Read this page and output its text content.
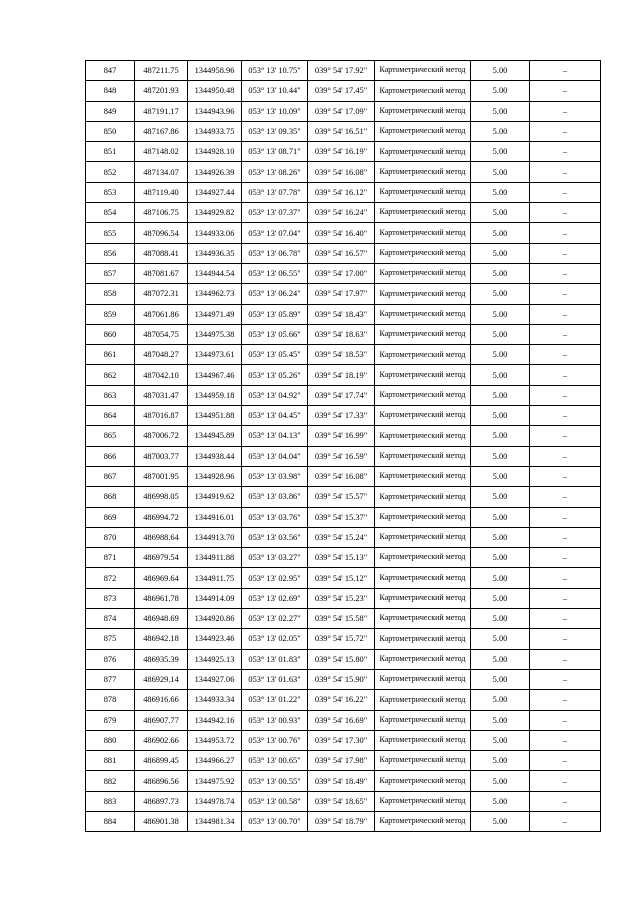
847	487211.75	1344958.96	053° 13' 10.75"	039° 54' 17.92"	Картометрический метод	5.00	–
848	487201.93	1344950.48	053° 13' 10.44"	039° 54' 17.45"	Картометрический метод	5.00	–
849	487191.17	1344943.96	053° 13' 10.09"	039° 54' 17.09"	Картометрический метод	5.00	–
850	487167.86	1344933.75	053° 13' 09.35"	039° 54' 16.51"	Картометрический метод	5.00	–
851	487148.02	1344928.10	053° 13' 08.71"	039° 54' 16.19"	Картометрический метод	5.00	–
852	487134.07	1344926.39	053° 13' 08.26"	039° 54' 16.08"	Картометрический метод	5.00	–
853	487119.40	1344927.44	053° 13' 07.78"	039° 54' 16.12"	Картометрический метод	5.00	–
854	487106.75	1344929.82	053° 13' 07.37"	039° 54' 16.24"	Картометрический метод	5.00	–
855	487096.54	1344933.06	053° 13' 07.04"	039° 54' 16.40"	Картометрический метод	5.00	–
856	487088.41	1344936.35	053° 13' 06.78"	039° 54' 16.57"	Картометрический метод	5.00	–
857	487081.67	1344944.54	053° 13' 06.55"	039° 54' 17.00"	Картометрический метод	5.00	–
858	487072.31	1344962.73	053° 13' 06.24"	039° 54' 17.97"	Картометрический метод	5.00	–
859	487061.86	1344971.49	053° 13' 05.89"	039° 54' 18.43"	Картометрический метод	5.00	–
860	487054.75	1344975.38	053° 13' 05.66"	039° 54' 18.63"	Картометрический метод	5.00	–
861	487048.27	1344973.61	053° 13' 05.45"	039° 54' 18.53"	Картометрический метод	5.00	–
862	487042.10	1344967.46	053° 13' 05.26"	039° 54' 18.19"	Картометрический метод	5.00	–
863	487031.47	1344959.18	053° 13' 04.92"	039° 54' 17.74"	Картометрический метод	5.00	–
864	487016.87	1344951.88	053° 13' 04.45"	039° 54' 17.33"	Картометрический метод	5.00	–
865	487006.72	1344945.89	053° 13' 04.13"	039° 54' 16.99"	Картометрический метод	5.00	–
866	487003.77	1344938.44	053° 13' 04.04"	039° 54' 16.59"	Картометрический метод	5.00	–
867	487001.95	1344928.96	053° 13' 03.98"	039° 54' 16.08"	Картометрический метод	5.00	–
868	486998.05	1344919.62	053° 13' 03.86"	039° 54' 15.57"	Картометрический метод	5.00	–
869	486994.72	1344916.01	053° 13' 03.76"	039° 54' 15.37"	Картометрический метод	5.00	–
870	486988.64	1344913.70	053° 13' 03.56"	039° 54' 15.24"	Картометрический метод	5.00	–
871	486979.54	1344911.88	053° 13' 03.27"	039° 54' 15.13"	Картометрический метод	5.00	–
872	486969.64	1344911.75	053° 13' 02.95"	039° 54' 15.12"	Картометрический метод	5.00	–
873	486961.78	1344914.09	053° 13' 02.69"	039° 54' 15.23"	Картометрический метод	5.00	–
874	486948.69	1344920.86	053° 13' 02.27"	039° 54' 15.58"	Картометрический метод	5.00	–
875	486942.18	1344923.46	053° 13' 02.05"	039° 54' 15.72"	Картометрический метод	5.00	–
876	486935.39	1344925.13	053° 13' 01.83"	039° 54' 15.80"	Картометрический метод	5.00	–
877	486929.14	1344927.06	053° 13' 01.63"	039° 54' 15.90"	Картометрический метод	5.00	–
878	486916.66	1344933.34	053° 13' 01.22"	039° 54' 16.22"	Картометрический метод	5.00	–
879	486907.77	1344942.16	053° 13' 00.93"	039° 54' 16.69"	Картометрический метод	5.00	–
880	486902.66	1344953.72	053° 13' 00.76"	039° 54' 17.30"	Картометрический метод	5.00	–
881	486899.45	1344966.27	053° 13' 00.65"	039° 54' 17.98"	Картометрический метод	5.00	–
882	486896.56	1344975.92	053° 13' 00.55"	039° 54' 18.49"	Картометрический метод	5.00	–
883	486897.73	1344978.74	053° 13' 00.58"	039° 54' 18.65"	Картометрический метод	5.00	–
884	486901.38	1344981.34	053° 13' 00.70"	039° 54' 18.79"	Картометрический метод	5.00	–
